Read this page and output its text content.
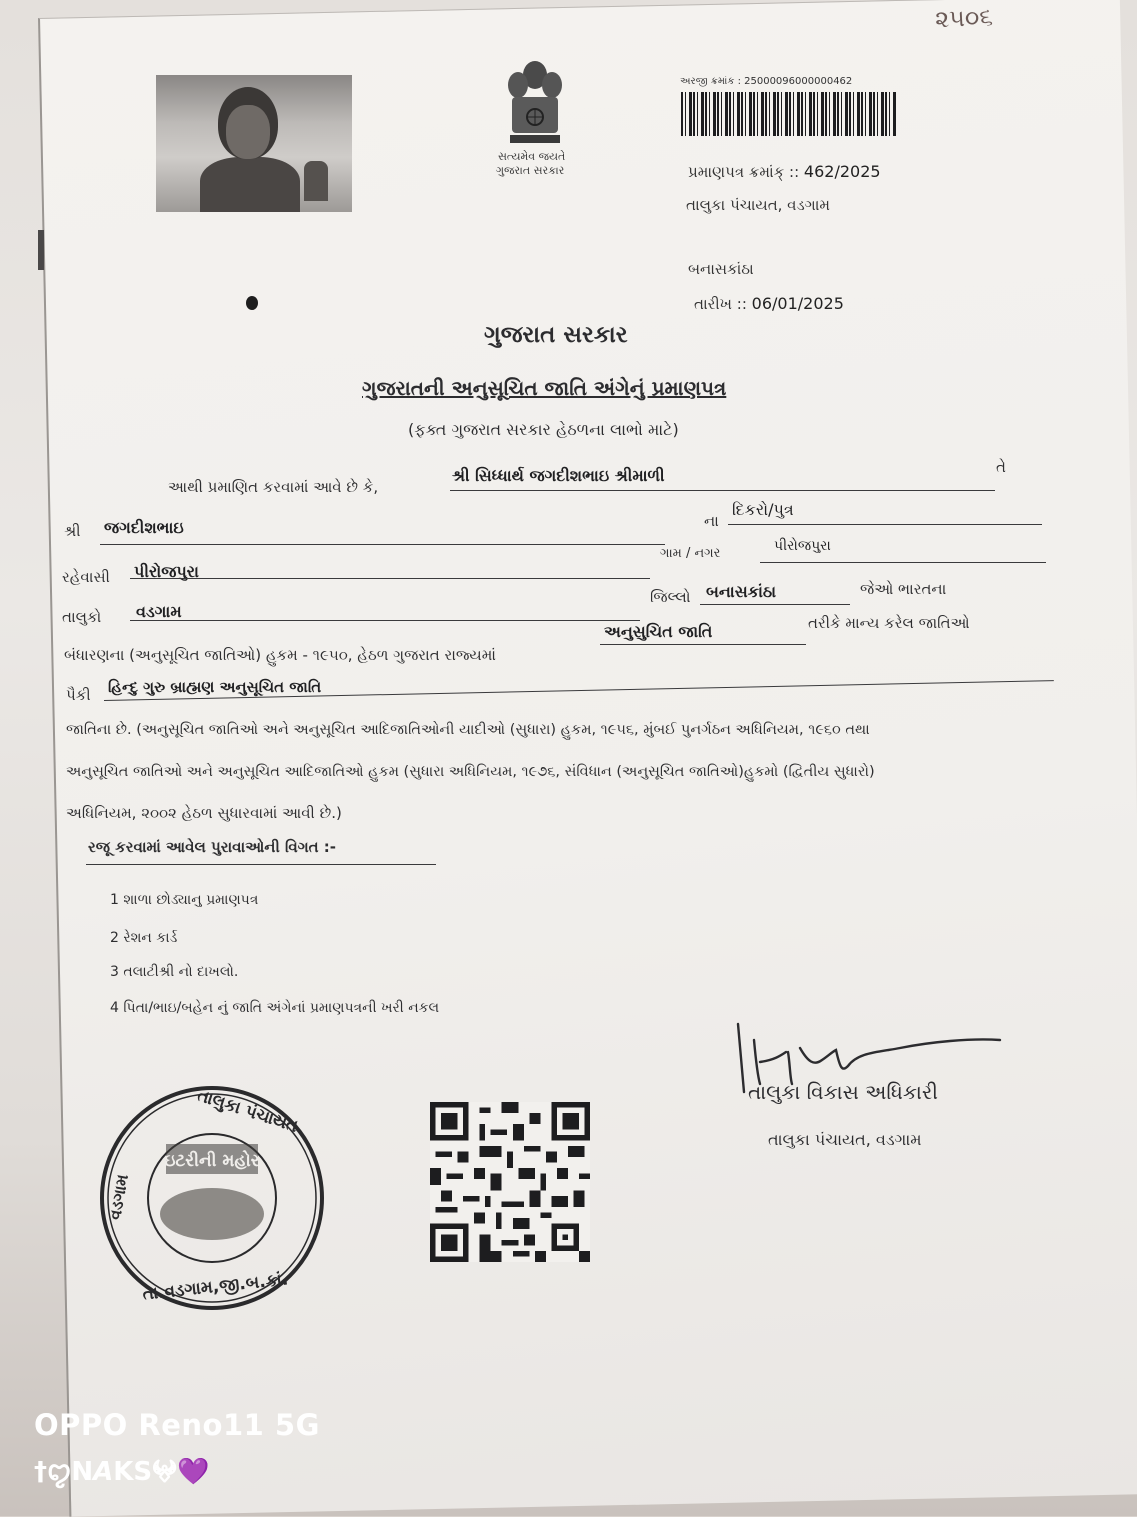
૨૫૦૬
સત્યમેવ જયતે
ગુજરાત સરકાર
અરજી ક્રમાંક : 25000096000000462
પ્રમાણપત્ર ક્રમાંક્ :: 462/2025
તાલુકા પંચાયત, વડગામ
બનાસકાંઠા
તારીખ :: 06/01/2025
ગુજરાત સરકાર
ગુજરાતની અનુસૂચિત જાતિ અંગેનું પ્રમાણપત્ર
(ફક્ત ગુજરાત સરકાર હેઠળના લાભો માટે)
આથી પ્રમાણિત કરવામાં આવે છે કે,
શ્રી સિધ્ધાર્થ જગદીશભાઇ શ્રીમાળી	તે
શ્રી જગદીશભાઇ	ના
દિકરો/પુત્ર
ગામ / નગર	પીરોજપુરા
રહેવાસી પીરોજપુરા
તાલુકો વડગામ
જિલ્લો બનાસકાંઠા	જેઓ ભારતના
બંધારણના (અનુસૂચિત જાતિઓ) હુકમ - ૧૯૫૦, હેઠળ ગુજરાત રાજ્યમાં
અનુસુચિત જાતિ	તરીકે માન્ય કરેલ જાતિઓ
પૈકી હિન્દુ ગુરુ બ્રાહ્મણ અનુસૂચિત જાતિ
જાતિના છે. (અનુસૂચિત જાતિઓ અને અનુસૂચિત આદિજાતિઓની યાદીઓ (સુધારા) હુકમ, ૧૯૫૬, મુંબઈ પુનર્ગઠન અધિનિયમ, ૧૯૬૦ તથા
અનુસૂચિત જાતિઓ અને અનુસૂચિત આદિજાતિઓ હુકમ (સુધારા અધિનિયમ, ૧૯૭૬, સંવિધાન (અનુસૂચિત જાતિઓ)હુકમો (દ્વિતીય સુધારો)
અધિનિયમ, ૨૦૦૨ હેઠળ સુધારવામાં આવી છે.)
રજૂ કરવામાં આવેલ પુરાવાઓની વિગત :-
1 શાળા છોડ્યાનુ પ્રમાણપત્ર
2 રેશન કાર્ડ
3 તલાટીશ્રી નો દાખલો.
4 પિતા/ભાઇ/બહેન નું જાતિ અંગેનાં પ્રમાણપત્રની ખરી નકલ
ઇટરીની મહોર
તાલુકા પંચાયત
વડગામ
તા.વડગામ,જી.બ.કાં.
તાલુકા વિકાસ અધિકારી
તાલુકા પંચાયત, વડગામ
OPPO Reno11 5G
†ꨄN𝘼KS𖤍💜
